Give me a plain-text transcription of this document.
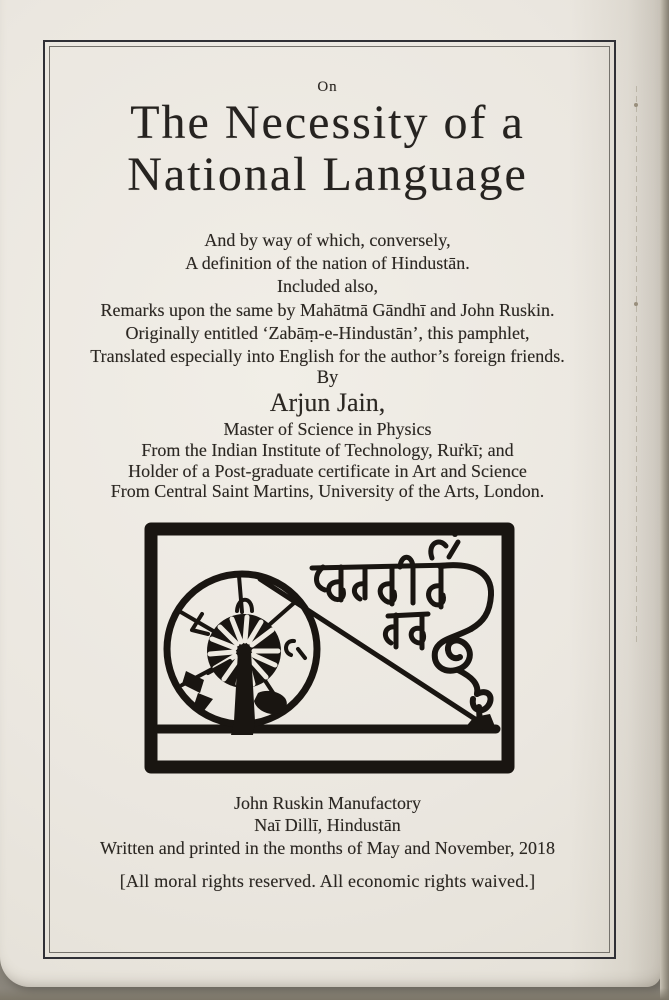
On
The Necessity of a
National Language
And by way of which, conversely,
A definition of the nation of Hindustān.
Included also,
Remarks upon the same by Mahātmā Gāndhī and John Ruskin.
Originally entitled ‘Zabāṃ-e-Hindustān’, this pamphlet,
Translated especially into English for the author’s foreign friends.
By
Arjun Jain,
Master of Science in Physics
From the Indian Institute of Technology, Ruṙkī; and
Holder of a Post-graduate certificate in Art and Science
From Central Saint Martins, University of the Arts, London.
John Ruskin Manufactory
Naī Dillī, Hindustān
Written and printed in the months of May and November, 2018
[All moral rights reserved. All economic rights waived.]
